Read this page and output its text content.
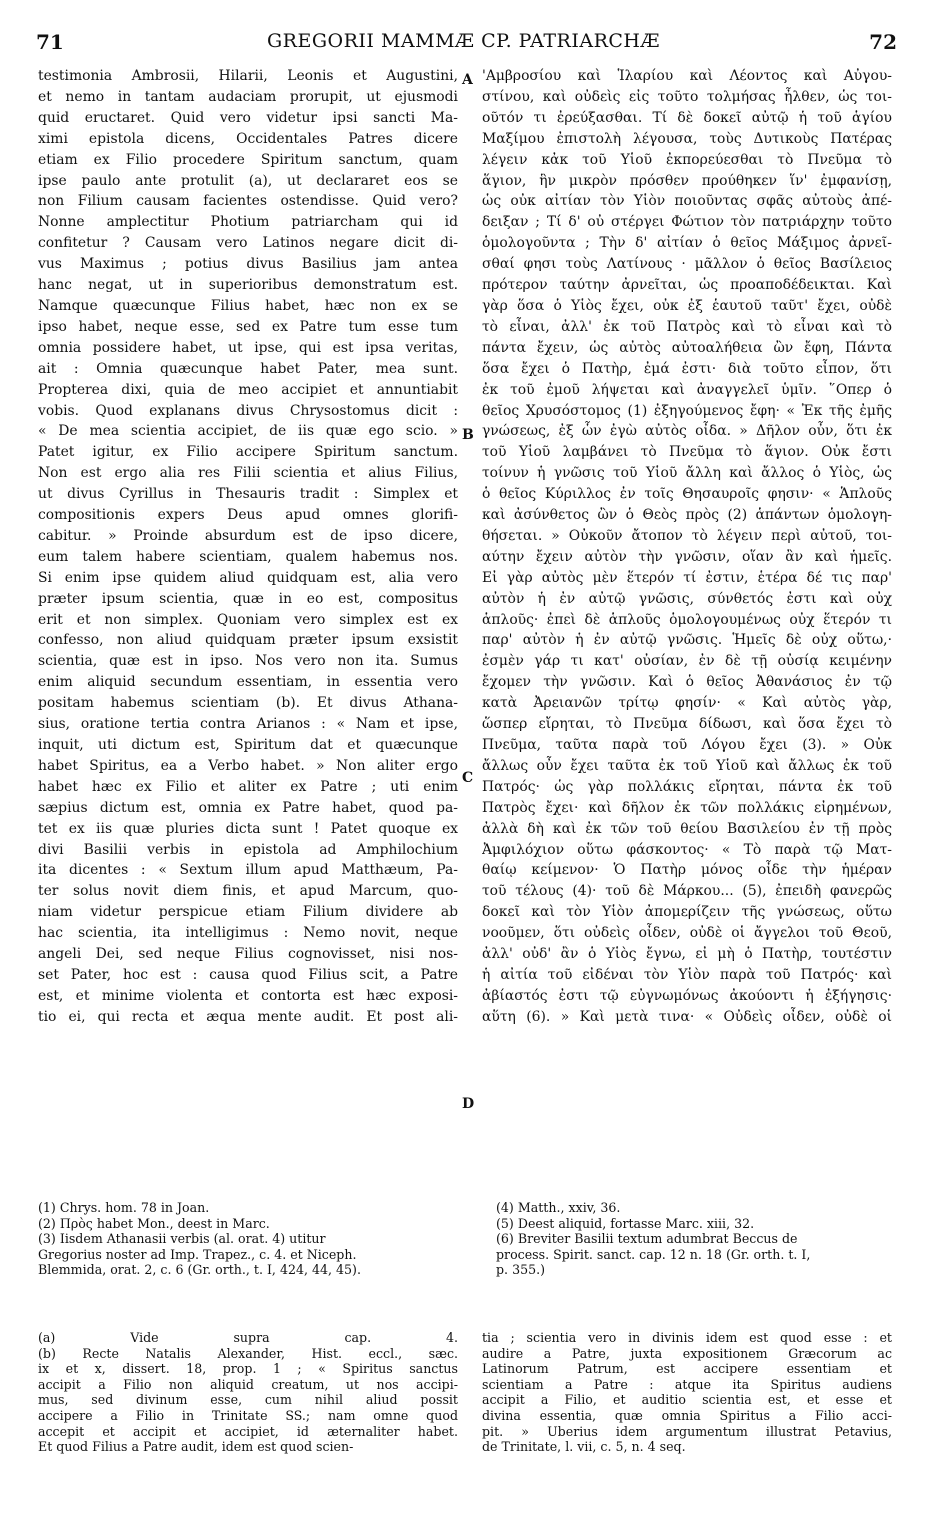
71	GREGORII MAMMÆ CP. PATRIARCHÆ	72
testimonia Ambrosii, Hilarii, Leonis et Augustini,
et nemo in tantam audaciam prorupit, ut ejusmodi
quid eructaret. Quid vero videtur ipsi sancti Ma-
ximi epistola dicens, Occidentales Patres dicere
etiam ex Filio procedere Spiritum sanctum, quam
ipse paulo ante protulit (a), ut declararet eos se
non Filium causam facientes ostendisse. Quid vero?
Nonne amplectitur Photium patriarcham qui id
confitetur ? Causam vero Latinos negare dicit di-
vus Maximus ; potius divus Basilius jam antea
hanc negat, ut in superioribus demonstratum est.
Namque quæcunque Filius habet, hæc non ex se
ipso habet, neque esse, sed ex Patre tum esse tum
omnia possidere habet, ut ipse, qui est ipsa veritas,
ait : Omnia quæcunque habet Pater, mea sunt.
Propterea dixi, quia de meo accipiet et annuntiabit
vobis. Quod explanans divus Chrysostomus dicit :
« De mea scientia accipiet, de iis quæ ego scio. »
Patet igitur, ex Filio accipere Spiritum sanctum.
Non est ergo alia res Filii scientia et alius Filius,
ut divus Cyrillus in Thesauris tradit : Simplex et
compositionis expers Deus apud omnes glorifi-
cabitur. » Proinde absurdum est de ipso dicere,
eum talem habere scientiam, qualem habemus nos.
Si enim ipse quidem aliud quidquam est, alia vero
præter ipsum scientia, quæ in eo est, compositus
erit et non simplex. Quoniam vero simplex est ex
confesso, non aliud quidquam præter ipsum exsistit
scientia, quæ est in ipso. Nos vero non ita. Sumus
enim aliquid secundum essentiam, in essentia vero
positam habemus scientiam (b). Et divus Athana-
sius, oratione tertia contra Arianos : « Nam et ipse,
inquit, uti dictum est, Spiritum dat et quæcunque
habet Spiritus, ea a Verbo habet. » Non aliter ergo
habet hæc ex Filio et aliter ex Patre ; uti enim
sæpius dictum est, omnia ex Patre habet, quod pa-
tet ex iis quæ pluries dicta sunt ! Patet quoque ex
divi Basilii verbis in epistola ad Amphilochium
ita dicentes : « Sextum illum apud Matthæum, Pa-
ter solus novit diem finis, et apud Marcum, quo-
niam videtur perspicue etiam Filium dividere ab
hac scientia, ita intelligimus : Nemo novit, neque
angeli Dei, sed neque Filius cognovisset, nisi nos-
set Pater, hoc est : causa quod Filius scit, a Patre
est, et minime violenta et contorta est hæc exposi-
tio ei, qui recta et æqua mente audit. Et post ali-
'Αμβροσίου καὶ Ἱλαρίου καὶ Λέοντος καὶ Αὐγου-
στίνου, καὶ οὐδεὶς εἰς τοῦτο τολμήσας ἦλθεν, ὡς τοι-
οῦτόν τι ἐρεύξασθαι. Τί δὲ δοκεῖ αὐτῷ ἡ τοῦ ἁγίου
Μαξίμου ἐπιστολὴ λέγουσα, τοὺς Δυτικοὺς Πατέρας
λέγειν κἀκ τοῦ Υἱοῦ ἐκπορεύεσθαι τὸ Πνεῦμα τὸ
ἅγιον, ἣν μικρὸν πρόσθεν προύθηκεν ἵν' ἐμφανίσῃ,
ὡς οὐκ αἰτίαν τὸν Υἱὸν ποιοῦντας σφᾶς αὐτοὺς ἀπέ-
δειξαν ; Τί δ' οὐ στέργει Φώτιον τὸν πατριάρχην τοῦτο
ὁμολογοῦντα ; Τὴν δ' αἰτίαν ὁ θεῖος Μάξιμος ἀρνεῖ-
σθαί φησι τοὺς Λατίνους · μᾶλλον ὁ θεῖος Βασίλειος
πρότερον ταύτην ἀρνεῖται, ὡς προαποδέδεικται. Καὶ
γὰρ ὅσα ὁ Υἱὸς ἔχει, οὐκ ἐξ ἑαυτοῦ ταῦτ' ἔχει, οὐδὲ
τὸ εἶναι, ἀλλ' ἐκ τοῦ Πατρὸς καὶ τὸ εἶναι καὶ τὸ
πάντα ἔχειν, ὡς αὐτὸς αὐτοαλήθεια ὢν ἔφη, Πάντα
ὅσα ἔχει ὁ Πατὴρ, ἐμά ἐστι· διὰ τοῦτο εἶπον, ὅτι
ἐκ τοῦ ἐμοῦ λήψεται καὶ ἀναγγελεῖ ὑμῖν. ῞Οπερ ὁ
θεῖος Χρυσόστομος (1) ἐξηγούμενος ἔφη· « Ἐκ τῆς ἐμῆς
γνώσεως, ἐξ ὧν ἐγὼ αὐτὸς οἶδα. » Δῆλον οὖν, ὅτι ἐκ
τοῦ Υἱοῦ λαμβάνει τὸ Πνεῦμα τὸ ἅγιον. Οὐκ ἔστι
τοίνυν ἡ γνῶσις τοῦ Υἱοῦ ἄλλη καὶ ἄλλος ὁ Υἱὸς, ὡς
ὁ θεῖος Κύριλλος ἐν τοῖς Θησαυροῖς φησιν· « Ἁπλοῦς
καὶ ἀσύνθετος ὢν ὁ Θεὸς πρὸς (2) ἁπάντων ὁμολογη-
θήσεται. » Οὐκοῦν ἄτοπον τὸ λέγειν περὶ αὐτοῦ, τοι-
αύτην ἔχειν αὐτὸν τὴν γνῶσιν, οἵαν ἂν καὶ ἡμεῖς.
Εἰ γὰρ αὐτὸς μὲν ἕτερόν τί ἐστιν, ἑτέρα δέ τις παρ'
αὐτὸν ἡ ἐν αὐτῷ γνῶσις, σύνθετός ἐστι καὶ οὐχ
ἁπλοῦς· ἐπεὶ δὲ ἁπλοῦς ὁμολογουμένως οὐχ ἕτερόν τι
παρ' αὐτὸν ἡ ἐν αὐτῷ γνῶσις. Ἡμεῖς δὲ οὐχ οὕτω,·
ἐσμὲν γάρ τι κατ' οὐσίαν, ἐν δὲ τῇ οὐσίᾳ κειμένην
ἔχομεν τὴν γνῶσιν. Καὶ ὁ θεῖος Ἀθανάσιος ἐν τῷ
κατὰ Ἀρειανῶν τρίτῳ φησίν· « Καὶ αὐτὸς γὰρ,
ὥσπερ εἴρηται, τὸ Πνεῦμα δίδωσι, καὶ ὅσα ἔχει τὸ
Πνεῦμα, ταῦτα παρὰ τοῦ Λόγου ἔχει (3). » Οὐκ
ἄλλως οὖν ἔχει ταῦτα ἐκ τοῦ Υἱοῦ καὶ ἄλλως ἐκ τοῦ
Πατρός· ὡς γὰρ πολλάκις εἴρηται, πάντα ἐκ τοῦ
Πατρὸς ἔχει· καὶ δῆλον ἐκ τῶν πολλάκις εἰρημένων,
ἀλλὰ δὴ καὶ ἐκ τῶν τοῦ θείου Βασιλείου ἐν τῇ πρὸς
Ἀμφιλόχιον οὕτω φάσκοντος· « Τὸ παρὰ τῷ Ματ-
θαίῳ κείμενον· Ὁ Πατὴρ μόνος οἶδε τὴν ἡμέραν
τοῦ τέλους (4)· τοῦ δὲ Μάρκου... (5), ἐπειδὴ φανερῶς
δοκεῖ καὶ τὸν Υἱὸν ἀπομερίζειν τῆς γνώσεως, οὕτω
νοοῦμεν, ὅτι οὐδεὶς οἶδεν, οὐδὲ οἱ ἄγγελοι τοῦ Θεοῦ,
ἀλλ' οὐδ' ἂν ὁ Υἱὸς ἔγνω, εἰ μὴ ὁ Πατὴρ, τουτέστιν
ἡ αἰτία τοῦ εἰδέναι τὸν Υἱὸν παρὰ τοῦ Πατρός· καὶ
ἀβίαστός ἐστι τῷ εὐγνωμόνως ἀκούοντι ἡ ἐξήγησις·
αὕτη (6). » Καὶ μετὰ τινα· « Οὐδεὶς οἶδεν, οὐδὲ οἱ
A
B
C
D
(1) Chrys. hom. 78 in Joan.
(2) Πρὸς habet Mon., deest in Marc.
(3) Iisdem Athanasii verbis (al. orat. 4) utitur
Gregorius noster ad Imp. Trapez., c. 4. et Niceph.
Blemmida, orat. 2, c. 6 (Gr. orth., t. I, 424, 44, 45).
(4) Matth., xxiv, 36.
(5) Deest aliquid, fortasse Marc. xiii, 32.
(6) Breviter Basilii textum adumbrat Beccus de
process. Spirit. sanct. cap. 12 n. 18 (Gr. orth. t. I,
p. 355.)
(a) Vide supra cap. 4.
(b) Recte Natalis Alexander, Hist. eccl., sæc.
ix et x, dissert. 18, prop. 1 ; « Spiritus sanctus
accipit a Filio non aliquid creatum, ut nos accipi-
mus, sed divinum esse, cum nihil aliud possit
accipere a Filio in Trinitate SS.; nam omne quod
accepit et accipit et accipiet, id æternaliter habet.
Et quod Filius a Patre audit, idem est quod scien-
tia ; scientia vero in divinis idem est quod esse : et
audire a Patre, juxta expositionem Græcorum ac
Latinorum Patrum, est accipere essentiam et
scientiam a Patre : atque ita Spiritus audiens
accipit a Filio, et auditio scientia est, et esse et
divina essentia, quæ omnia Spiritus a Filio acci-
pit. » Uberius idem argumentum illustrat Petavius,
de Trinitate, l. vii, c. 5, n. 4 seq.
